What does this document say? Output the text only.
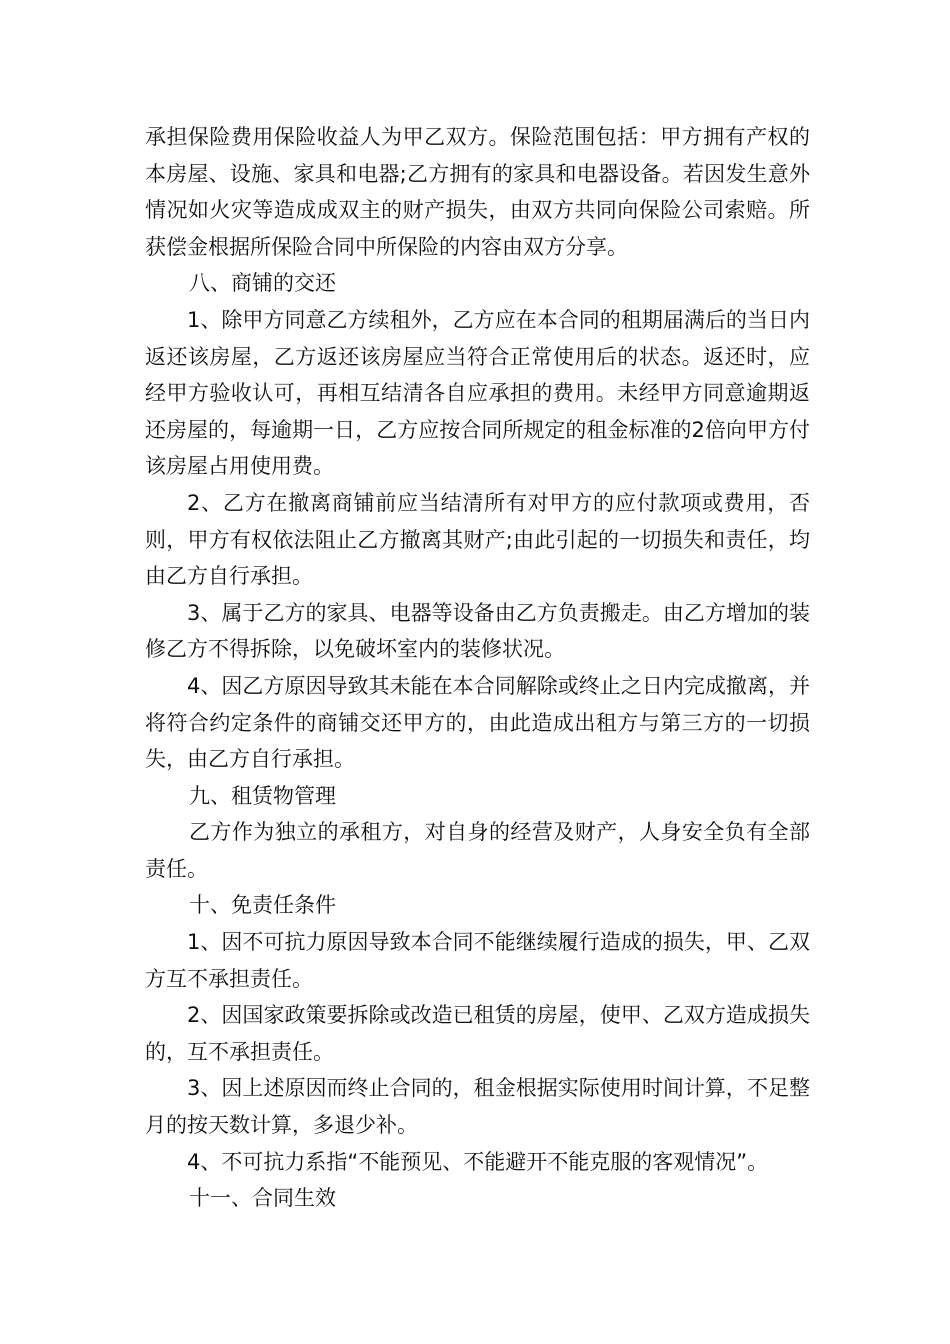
承担保险费用保险收益人为甲乙双方。保险范围包括：甲方拥有产权的本房屋、设施、家具和电器;乙方拥有的家具和电器设备。若因发生意外情况如火灾等造成成双主的财产损失，由双方共同向保险公司索赔。所获偿金根据所保险合同中所保险的内容由双方分享。

八、商铺的交还

1、除甲方同意乙方续租外，乙方应在本合同的租期届满后的当日内返还该房屋，乙方返还该房屋应当符合正常使用后的状态。返还时，应经甲方验收认可，再相互结清各自应承担的费用。未经甲方同意逾期返还房屋的，每逾期一日，乙方应按合同所规定的租金标准的2倍向甲方付该房屋占用使用费。

2、乙方在撤离商铺前应当结清所有对甲方的应付款项或费用，否则，甲方有权依法阻止乙方撤离其财产;由此引起的一切损失和责任，均由乙方自行承担。

3、属于乙方的家具、电器等设备由乙方负责搬走。由乙方增加的装修乙方不得拆除，以免破坏室内的装修状况。

4、因乙方原因导致其未能在本合同解除或终止之日内完成撤离，并将符合约定条件的商铺交还甲方的，由此造成出租方与第三方的一切损失，由乙方自行承担。

九、租赁物管理

乙方作为独立的承租方，对自身的经营及财产，人身安全负有全部责任。

十、免责任条件

1、因不可抗力原因导致本合同不能继续履行造成的损失，甲、乙双方互不承担责任。

2、因国家政策要拆除或改造已租赁的房屋，使甲、乙双方造成损失的，互不承担责任。

3、因上述原因而终止合同的，租金根据实际使用时间计算，不足整月的按天数计算，多退少补。

4、不可抗力系指“不能预见、不能避开不能克服的客观情况”。

十一、合同生效
